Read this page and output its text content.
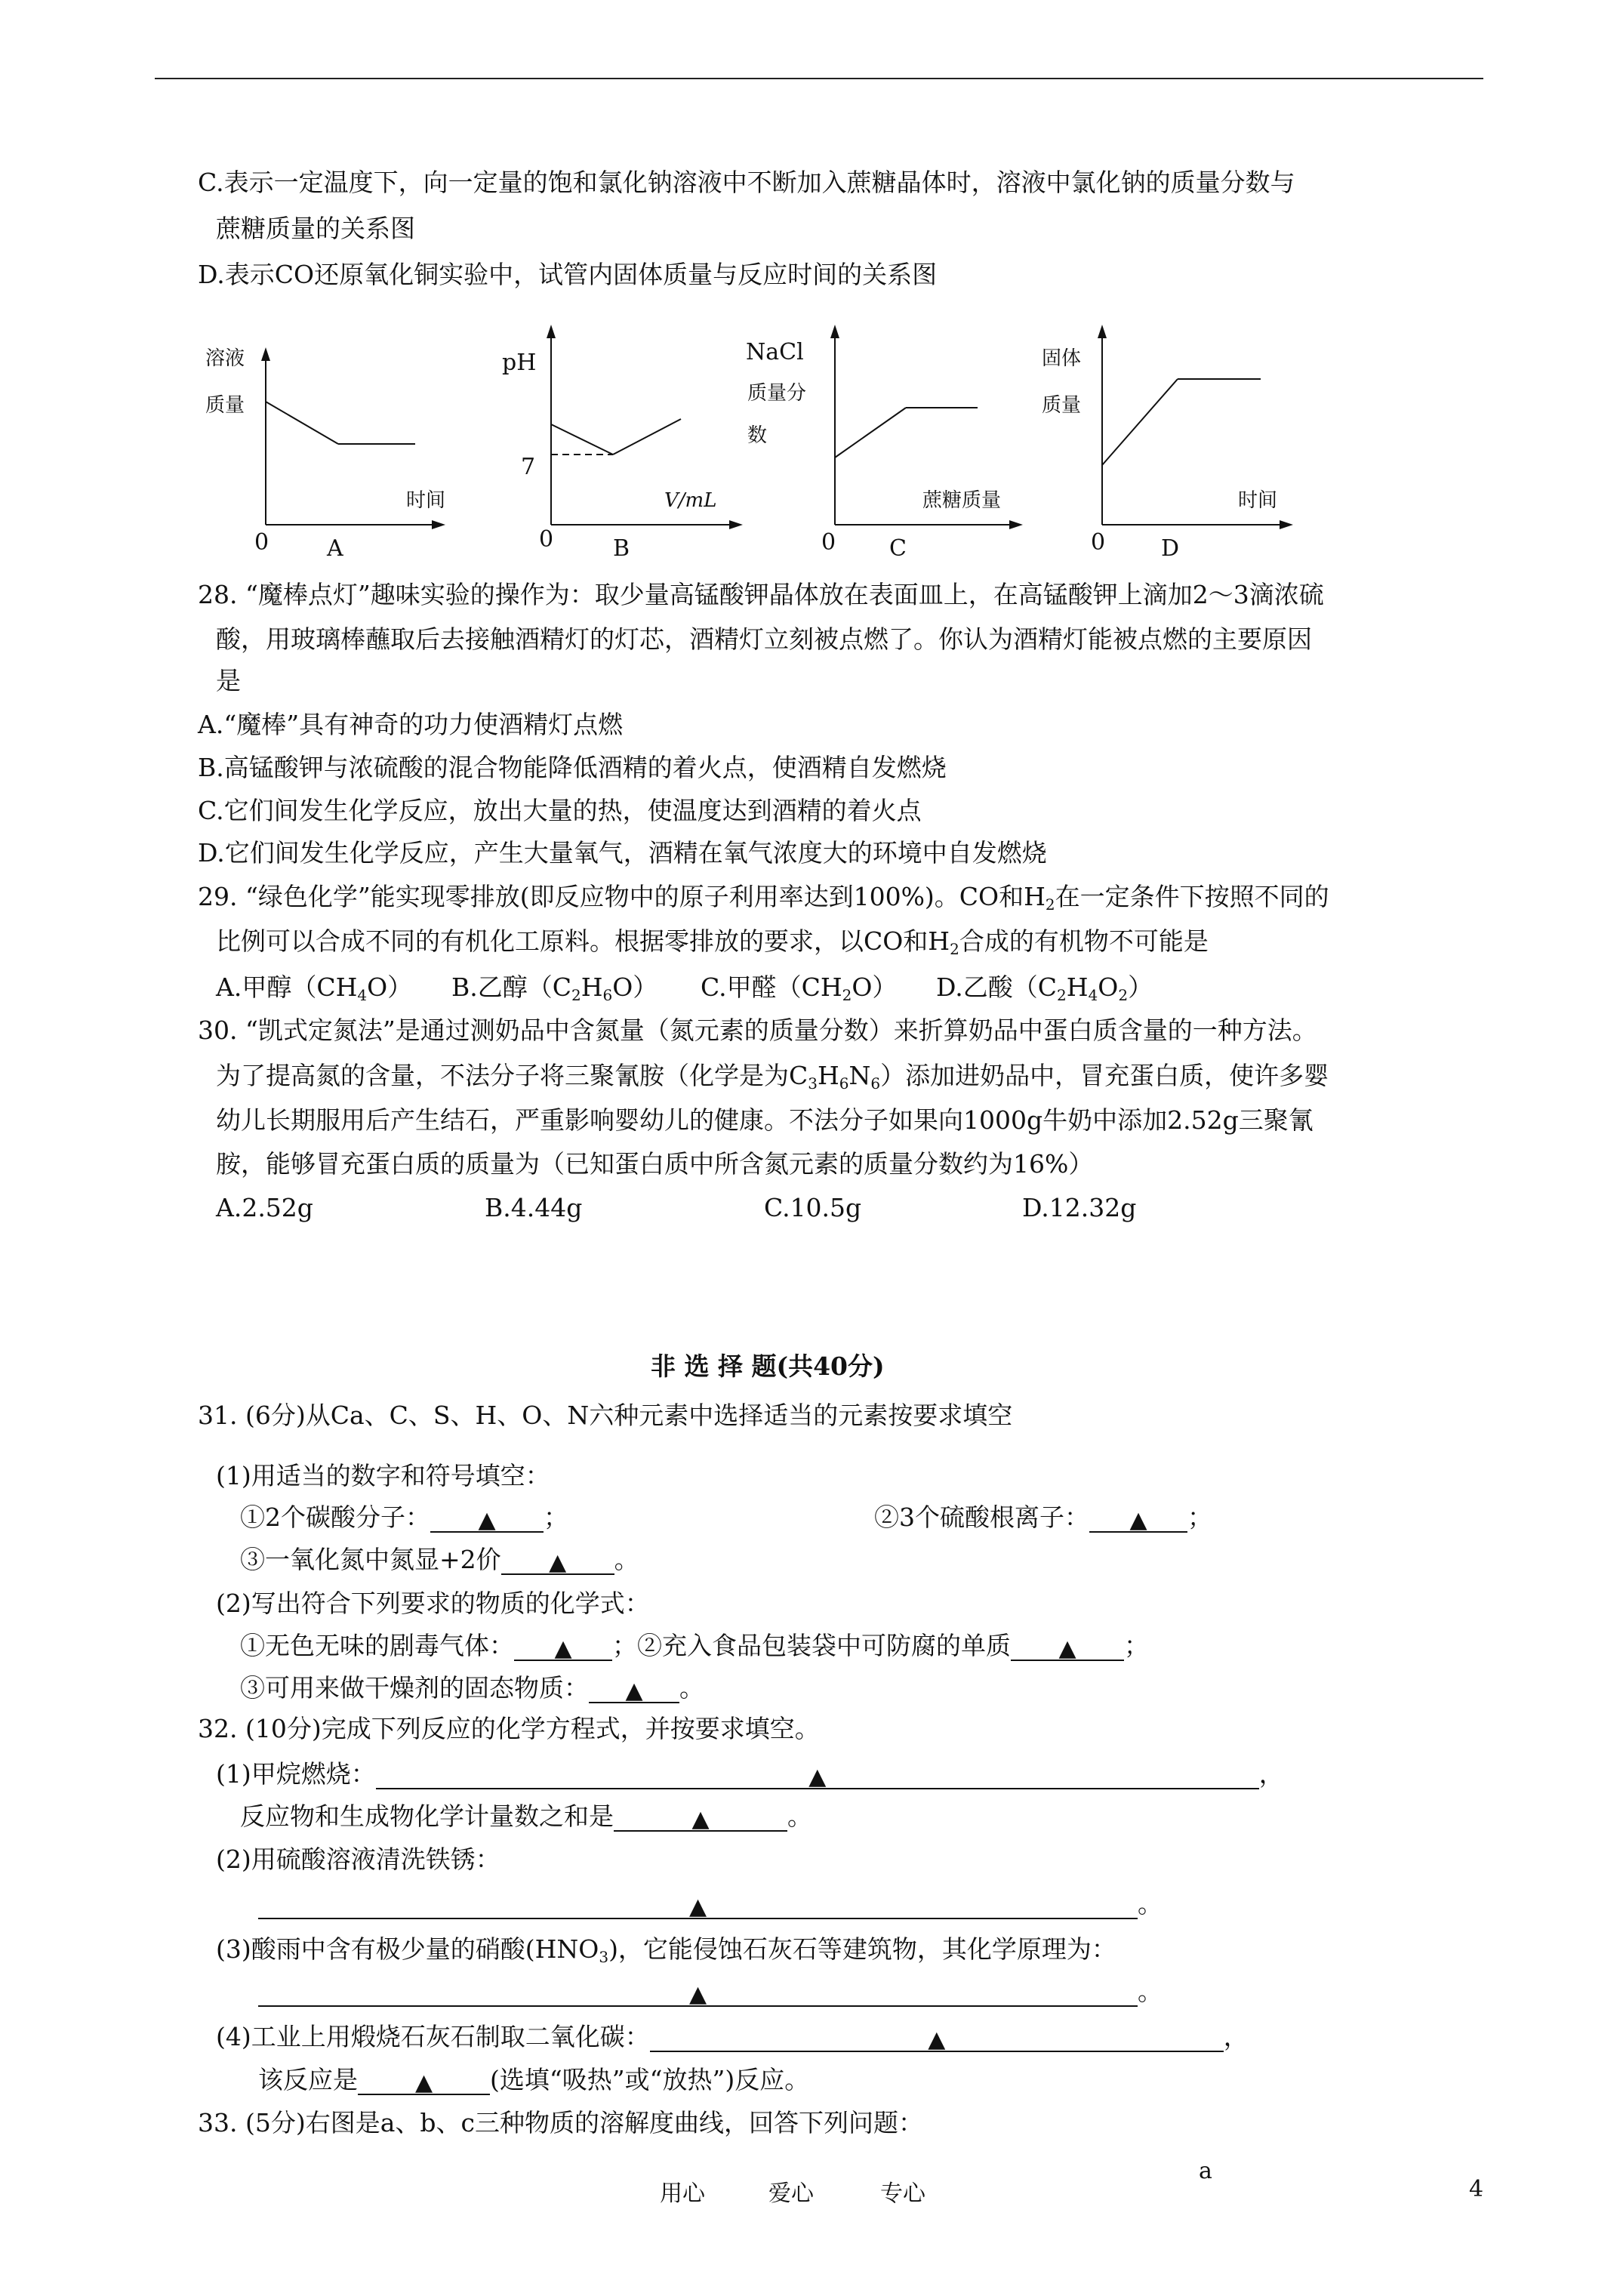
C.表示一定温度下，向一定量的饱和氯化钠溶液中不断加入蔗糖晶体时，溶液中氯化钠的质量分数与
蔗糖质量的关系图
D.表示CO还原氧化铜实验中，试管内固体质量与反应时间的关系图
溶液
质量
时间
0	A
pH
7
V/mL
0	B
NaCl
质量分
数
蔗糖质量
0 C
固体
质量
时间
0 D
28. “魔棒点灯”趣味实验的操作为：取少量高锰酸钾晶体放在表面皿上，在高锰酸钾上滴加2～3滴浓硫
酸，用玻璃棒蘸取后去接触酒精灯的灯芯，酒精灯立刻被点燃了。你认为酒精灯能被点燃的主要原因
是
A.“魔棒”具有神奇的功力使酒精灯点燃
B.高锰酸钾与浓硫酸的混合物能降低酒精的着火点，使酒精自发燃烧
C.它们间发生化学反应，放出大量的热，使温度达到酒精的着火点
D.它们间发生化学反应，产生大量氧气，酒精在氧气浓度大的环境中自发燃烧
29. “绿色化学”能实现零排放(即反应物中的原子利用率达到100%)。CO和$H_2$在一定条件下按照不同的
比例可以合成不同的有机化工原料。根据零排放的要求，以CO和$H_2$合成的有机物不可能是
A.甲醇$(CH_4O)$ B.乙醇$(C_2H_6O)$ C.甲醛$(CH_2O)$ D.乙酸$(C_2H_4O_2)$
30. “凯式定氮法”是通过测奶品中含氮量（氮元素的质量分数）来折算奶品中蛋白质含量的一种方法。
为了提高氮的含量，不法分子将三聚氰胺（化学是为$C_3H_6N_6$）添加进奶品中，冒充蛋白质，使许多婴
幼儿长期服用后产生结石，严重影响婴幼儿的健康。不法分子如果向1000g牛奶中添加2.52g三聚氰
胺，能够冒充蛋白质的质量为（已知蛋白质中所含氮元素的质量分数约为16%）
A.2.52g	B.4.44g	C.10.5g	D.12.32g
非 选 择 题(共40分)
31. (6分)从Ca、C、S、H、O、N六种元素中选择适当的元素按要求填空
(1)用适当的数字和符号填空：
①2个碳酸分子： ▲ ；	②3个硫酸根离子： ▲ ；
③一氧化氮中氮显+2价 ▲ 。
(2)写出符合下列要求的物质的化学式：
①无色无味的剧毒气体： ▲ ；②充入食品包装袋中可防腐的单质 ▲ ；
③可用来做干燥剂的固态物质： ▲ 。
32. (10分)完成下列反应的化学方程式，并按要求填空。
(1)甲烷燃烧：	▲	，
反应物和生成物化学计量数之和是	▲	。
(2)用硫酸溶液清洗铁锈：
▲	。
(3)酸雨中含有极少量的硝酸$(HNO_3)$，它能侵蚀石灰石等建筑物，其化学原理为：
▲	。
(4)工业上用煅烧石灰石制取二氧化碳：	▲	，
该反应是	▲ (选填“吸热”或“放热”)反应。
33. (5分)右图是a、b、c三种物质的溶解度曲线，回答下列问题：
用心	爱心	专心
a
4
